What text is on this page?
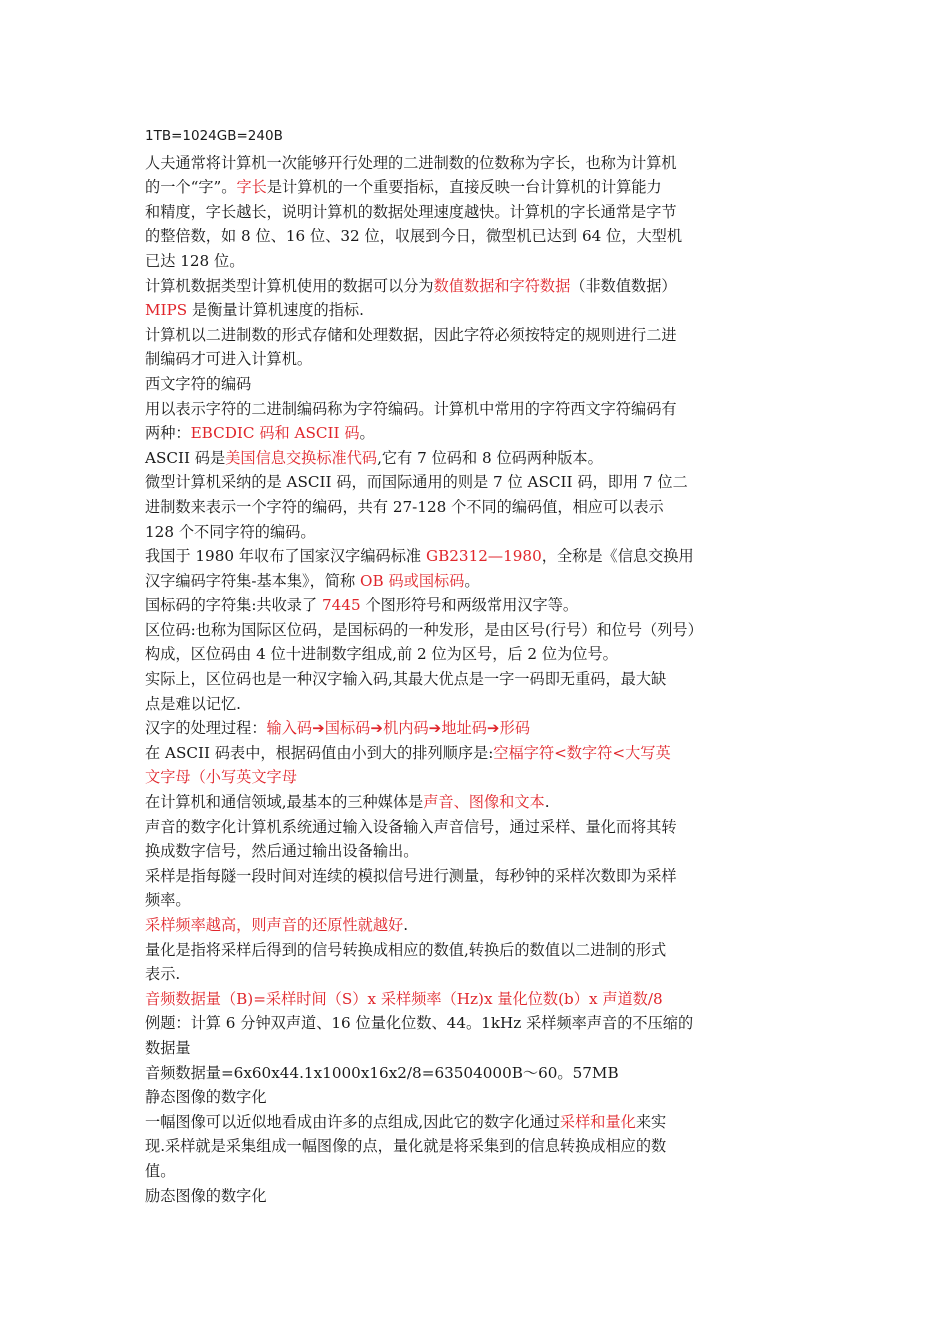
1TB=1024GB=240B
人夫通常将计算机一次能够幵行处理的二进制数的位数称为字长，也称为计算机
的一个“字”。字长是计算机的一个重要指标，直接反映一台计算机的计算能力
和精度，字长越长，说明计算机的数据处理速度越快。计算机的字长通常是字节
的整倍数，如 8 位、16 位、32 位，収展到今日，微型机已达到 64 位，大型机
已达 128 位。
计算机数据类型计算机使用的数据可以分为数值数据和字符数据（非数值数据）
MIPS 是衡量计算机速度的指标.
计算机以二进制数的形式存储和处理数据，因此字符必须按特定的规则进行二进
制编码才可进入计算机。
西文字符的编码
用以表示字符的二进制编码称为字符编码。计算机中常用的字符西文字符编码有
两种：EBCDIC 码和 ASCII 码。
ASCII 码是美国信息交换标准代码,它有 7 位码和 8 位码两种版本。
微型计算机采纳的是 ASCII 码，而国际通用的则是 7 位 ASCII 码，即用 7 位二
进制数来表示一个字符的编码，共有 27-128 个不同的编码值，相应可以表示
128 个不同字符的编码。
我国于 1980 年収布了国家汉字编码标准 GB2312—1980，全称是《信息交换用
汉字编码字符集-基本集》，简称 OB 码或国标码。
国标码的字符集:共收录了 7445 个图形符号和两级常用汉字等。
区位码:也称为国际区位码，是国标码的一种发形，是由区号(行号）和位号（列号）
构成，区位码由 4 位十进制数字组成,前 2 位为区号，后 2 位为位号。
实际上，区位码也是一种汉字输入码,其最大优点是一字一码即无重码，最大缺
点是难以记忆.
汉字的处理过程：输入码➔国标码➔机内码➔地址码➔形码
在 ASCII 码表中，根据码值由小到大的排列顺序是:空楅字符<数字符<大写英
文字母（小写英文字母
在计算机和通信领域,最基本的三种媒体是声音、图像和文本.
声音的数字化计算机系统通过输入设备输入声音信号，通过采样、量化而将其转
换成数字信号，然后通过输出设备输出。
采样是指每隧一段时间对连续的模拟信号进行测量，每秒钟的采样次数即为采样
频率。
采样频率越高，则声音的还原性就越好.
量化是指将采样后得到的信号转换成相应的数值,转换后的数值以二进制的形式
表示.
音频数据量（B)=采样时间（S）x 采样频率（Hz)x 量化位数(b）x 声道数/8
例题：计算 6 分钟双声道、16 位量化位数、44。1kHz 采样频率声音的不压缩的
数据量
音频数据量=6x60x44.1x1000x16x2/8=63504000B～60。57MB
静态图像的数字化
一幅图像可以近似地看成由许多的点组成,因此它的数字化通过采样和量化来实
现.采样就是采集组成一幅图像的点，量化就是将采集到的信息转换成相应的数
值。
励态图像的数字化
